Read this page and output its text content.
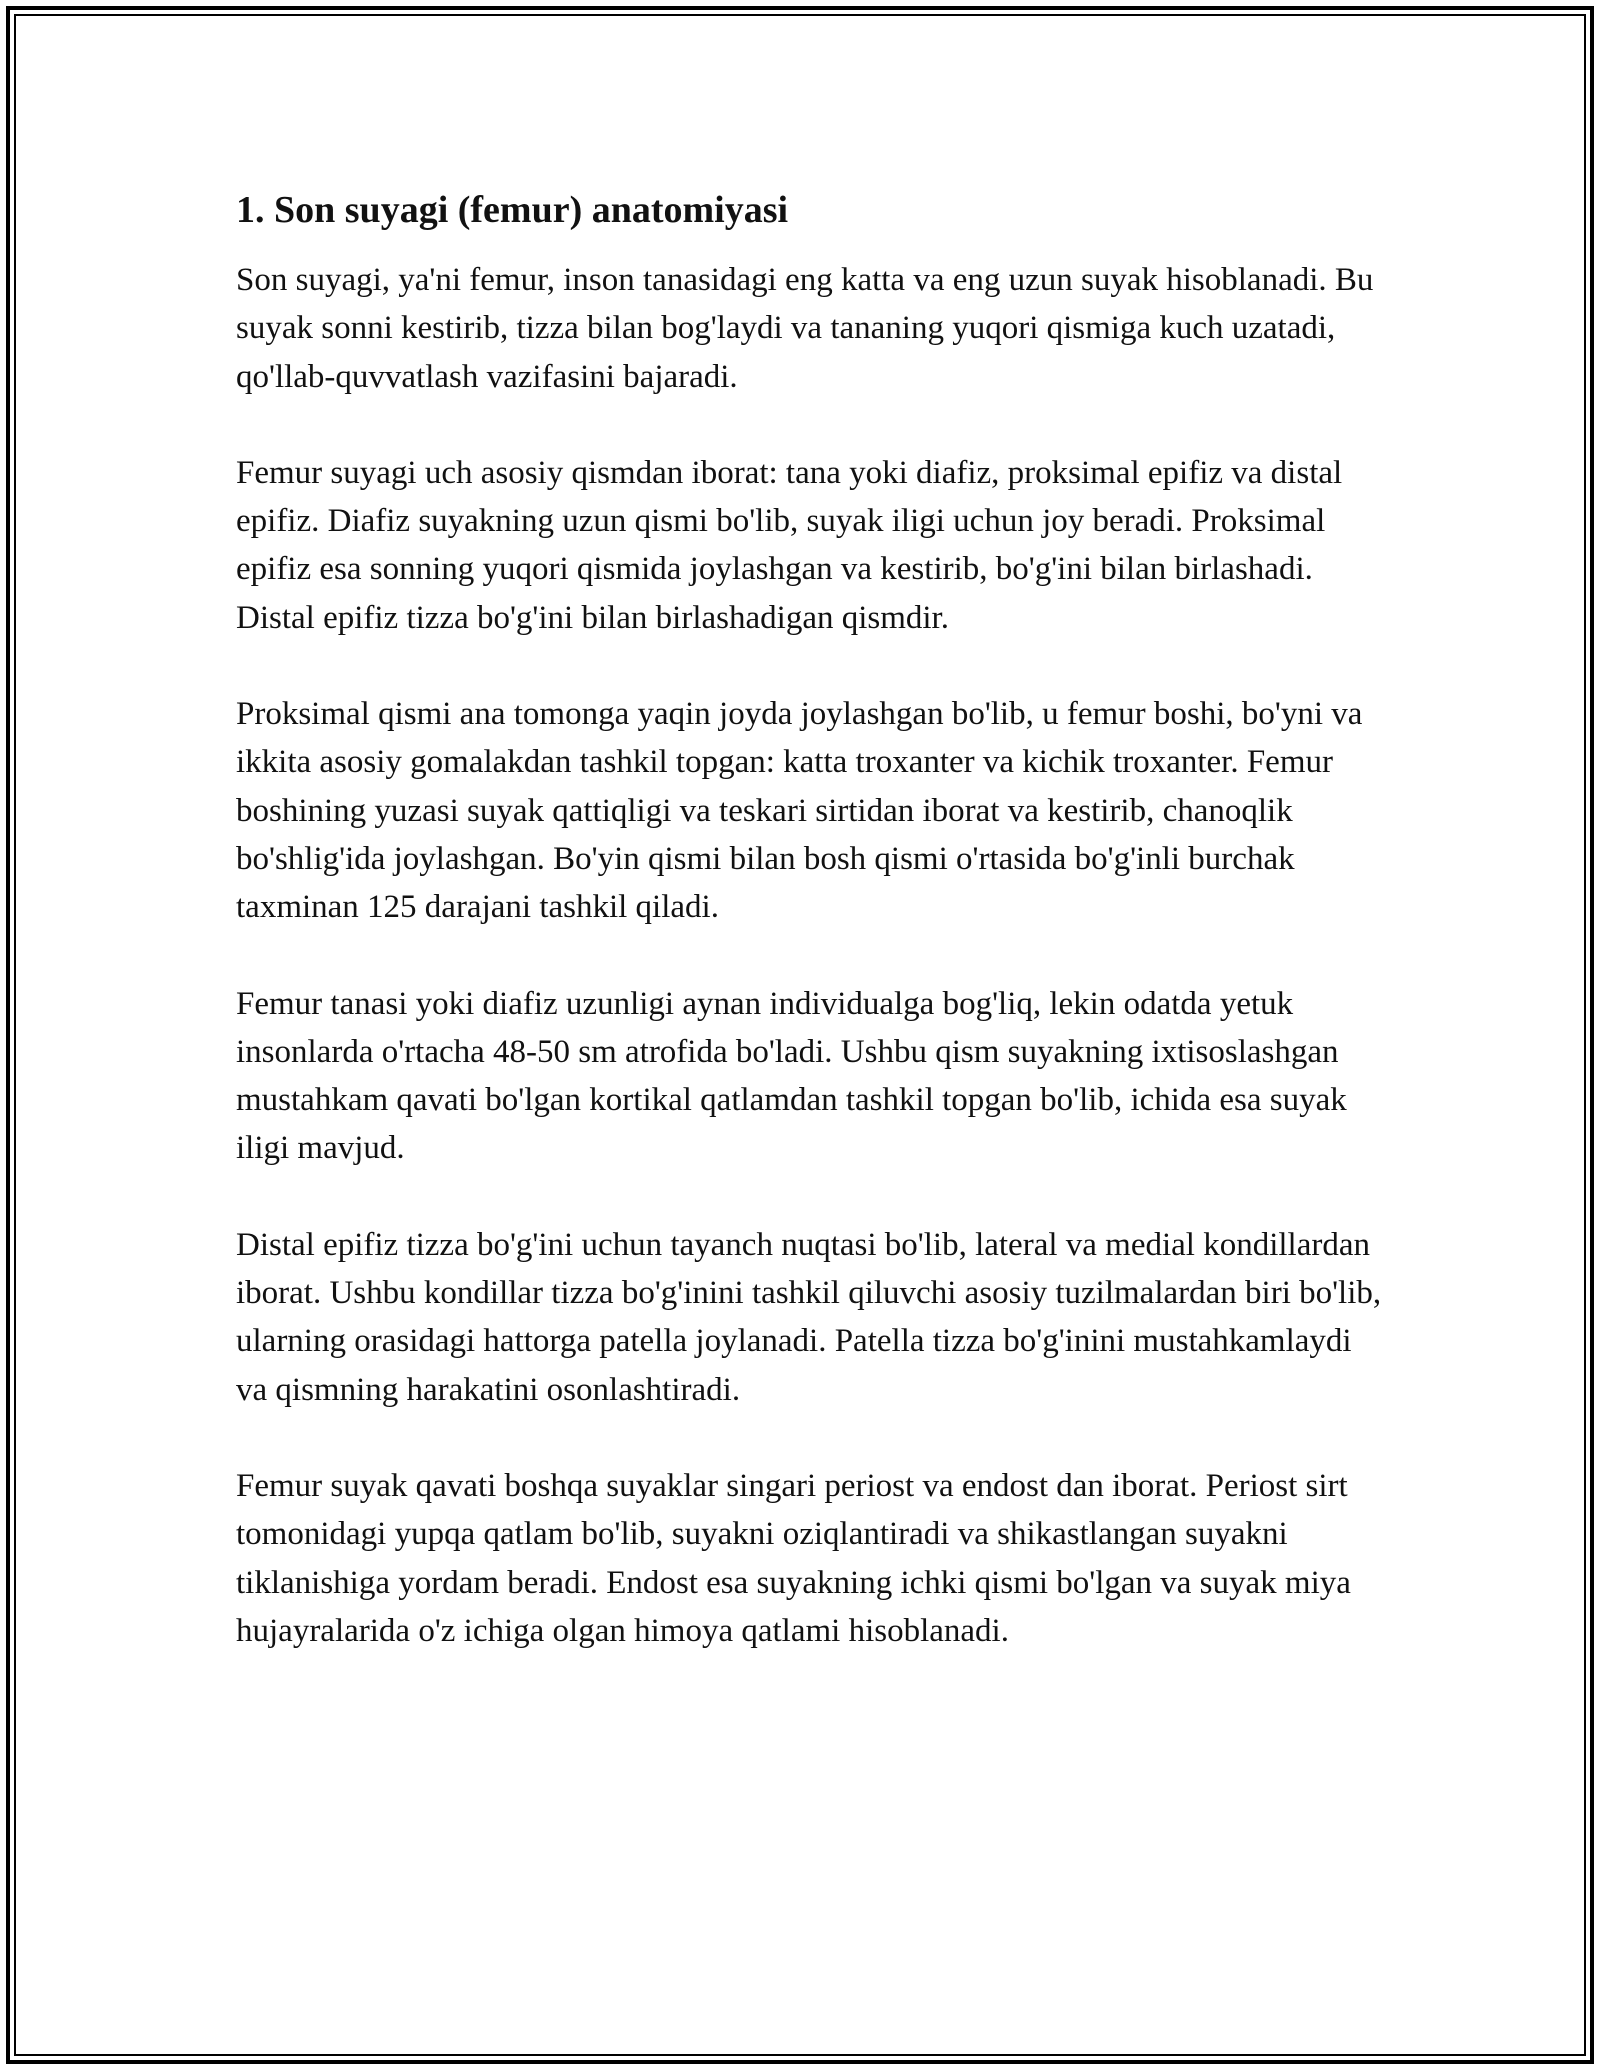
1. Son suyagi (femur) anatomiyasi

Son suyagi, ya'ni femur, inson tanasidagi eng katta va eng uzun suyak hisoblanadi. Bu suyak sonni kestirib, tizza bilan bog'laydi va tananing yuqori qismiga kuch uzatadi, qo'llab-quvvatlash vazifasini bajaradi.

Femur suyagi uch asosiy qismdan iborat: tana yoki diafiz, proksimal epifiz va distal epifiz. Diafiz suyakning uzun qismi bo'lib, suyak iligi uchun joy beradi. Proksimal epifiz esa sonning yuqori qismida joylashgan va kestirib, bo'g'ini bilan birlashadi. Distal epifiz tizza bo'g'ini bilan birlashadigan qismdir.

Proksimal qismi ana tomonga yaqin joyda joylashgan bo'lib, u femur boshi, bo'yni va ikkita asosiy gomalakdan tashkil topgan: katta troxanter va kichik troxanter. Femur boshining yuzasi suyak qattiqligi va teskari sirtidan iborat va kestirib, chanoqlik bo'shlig'ida joylashgan. Bo'yin qismi bilan bosh qismi o'rtasida bo'g'inli burchak taxminan 125 darajani tashkil qiladi.

Femur tanasi yoki diafiz uzunligi aynan individualga bog'liq, lekin odatda yetuk insonlarda o'rtacha 48-50 sm atrofida bo'ladi. Ushbu qism suyakning ixtisoslashgan mustahkam qavati bo'lgan kortikal qatlamdan tashkil topgan bo'lib, ichida esa suyak iligi mavjud.

Distal epifiz tizza bo'g'ini uchun tayanch nuqtasi bo'lib, lateral va medial kondillardan iborat. Ushbu kondillar tizza bo'g'inini tashkil qiluvchi asosiy tuzilmalardan biri bo'lib, ularning orasidagi hattorga patella joylanadi. Patella tizza bo'g'inini mustahkamlaydi va qismning harakatini osonlashtiradi.

Femur suyak qavati boshqa suyaklar singari periost va endost dan iborat. Periost sirt tomonidagi yupqa qatlam bo'lib, suyakni oziqlantiradi va shikastlangan suyakni tiklanishiga yordam beradi. Endost esa suyakning ichki qismi bo'lgan va suyak miya hujayralarida o'z ichiga olgan himoya qatlami hisoblanadi.
